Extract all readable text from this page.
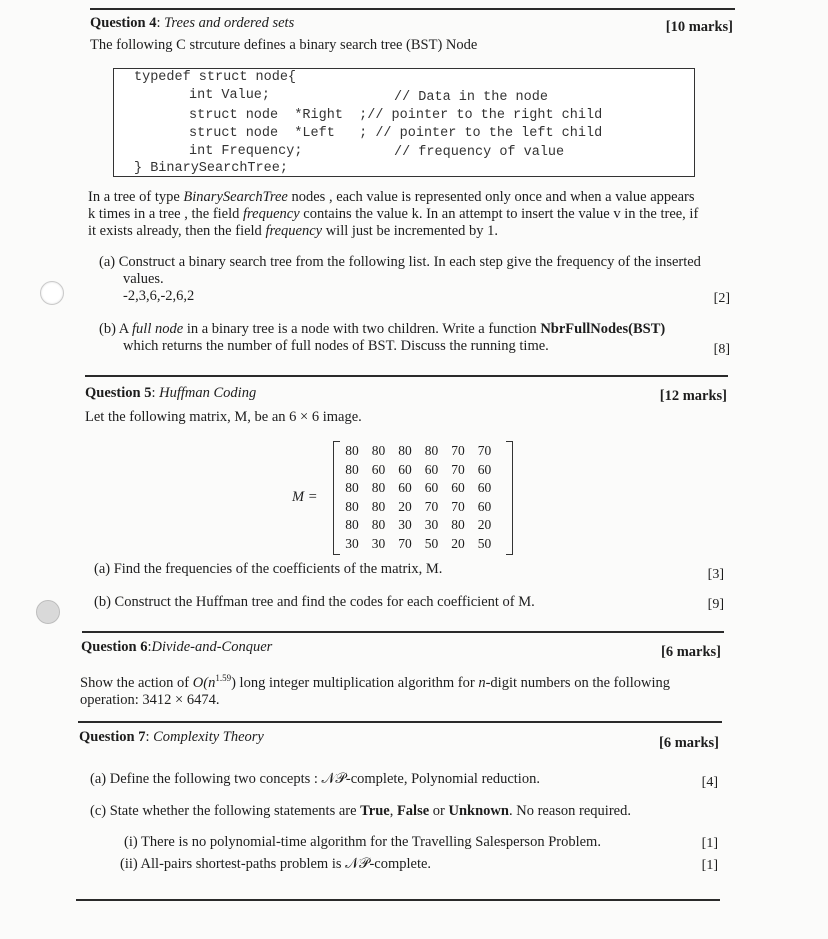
Question 4: Trees and ordered sets	[10 marks]
The following C strcuture defines a binary search tree (BST) Node
typedef struct node{
int Value;	// Data in the node
struct node  *Right  ;// pointer to the right child
struct node  *Left   ; // pointer to the left child
int Frequency;	// frequency of value
} BinarySearchTree;
In a tree of type BinarySearchTree nodes , each value is represented only once and when a value appears
k times in a tree , the field frequency contains the value k. In an attempt to insert the value v in the tree, if
it exists already, then the field frequency will just be incremented by 1.
(a) Construct a binary search tree from the following list. In each step give the frequency of the inserted
values.
-2,3,6,-2,6,2	[2]
(b) A full node in a binary tree is a node with two children. Write a function NbrFullNodes(BST)
which returns the number of full nodes of BST. Discuss the running time.	[8]
Question 5: Huffman Coding	[12 marks]
Let the following matrix, M, be an 6 × 6 image.
M =
80 80 80 80 70 70
80 60 60 60 70 60
80 80 60 60 60 60
80 80 20 70 70 60
80 80 30 30 80 20
30 30 70 50 20 50
(a) Find the frequencies of the coefficients of the matrix, M.	[3]
(b) Construct the Huffman tree and find the codes for each coefficient of M.	[9]
Question 6:Divide-and-Conquer	[6 marks]
Show the action of $O(n^{1.59})$ long integer multiplication algorithm for n-digit numbers on the following
operation: 3412 × 6474.
Question 7: Complexity Theory	[6 marks]
(a) Define the following two concepts : 𝒩𝒫-complete, Polynomial reduction.	[4]
(c) State whether the following statements are True, False or Unknown. No reason required.
(i) There is no polynomial-time algorithm for the Travelling Salesperson Problem.	[1]
(ii) All-pairs shortest-paths problem is 𝒩𝒫-complete.	[1]
